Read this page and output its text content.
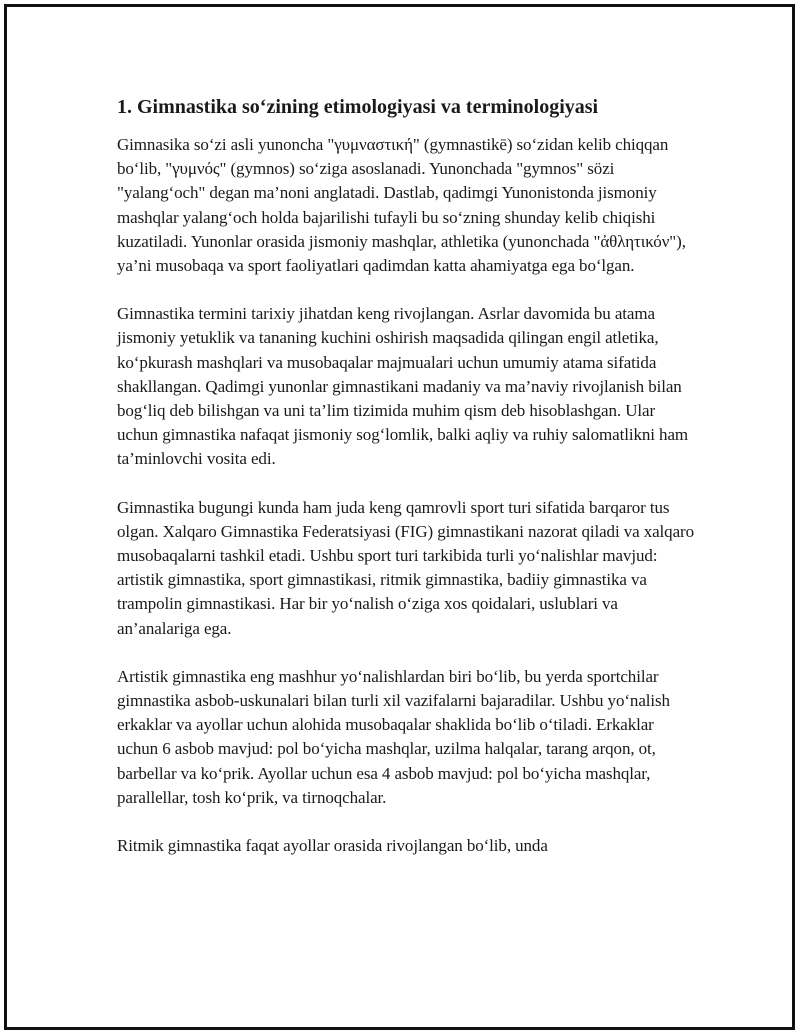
1. Gimnastika so‘zining etimologiyasi va terminologiyasi

Gimnasika so‘zi asli yunoncha "γυμναστική" (gymnastikē) so‘zidan kelib chiqqan bo‘lib, "γυμνός" (gymnos) so‘ziga asoslanadi. Yunonchada "gymnos" sözi "yalang‘och" degan ma’noni anglatadi. Dastlab, qadimgi Yunonistonda jismoniy mashqlar yalang‘och holda bajarilishi tufayli bu so‘zning shunday kelib chiqishi kuzatiladi. Yunonlar orasida jismoniy mashqlar, athletika (yunonchada "ἀθλητικόν"), ya’ni musobaqa va sport faoliyatlari qadimdan katta ahamiyatga ega bo‘lgan.

Gimnastika termini tarixiy jihatdan keng rivojlangan. Asrlar davomida bu atama jismoniy yetuklik va tananing kuchini oshirish maqsadida qilingan engil atletika, ko‘pkurash mashqlari va musobaqalar majmualari uchun umumiy atama sifatida shakllangan. Qadimgi yunonlar gimnastikani madaniy va ma’naviy rivojlanish bilan bog‘liq deb bilishgan va uni ta’lim tizimida muhim qism deb hisoblashgan. Ular uchun gimnastika nafaqat jismoniy sog‘lomlik, balki aqliy va ruhiy salomatlikni ham ta’minlovchi vosita edi.

Gimnastika bugungi kunda ham juda keng qamrovli sport turi sifatida barqaror tus olgan. Xalqaro Gimnastika Federatsiyasi (FIG) gimnastikani nazorat qiladi va xalqaro musobaqalarni tashkil etadi. Ushbu sport turi tarkibida turli yo‘nalishlar mavjud: artistik gimnastika, sport gimnastikasi, ritmik gimnastika, badiiy gimnastika va trampolin gimnastikasi. Har bir yo‘nalish o‘ziga xos qoidalari, uslublari va an’analariga ega.

Artistik gimnastika eng mashhur yo‘nalishlardan biri bo‘lib, bu yerda sportchilar gimnastika asbob-uskunalari bilan turli xil vazifalarni bajaradilar. Ushbu yo‘nalish erkaklar va ayollar uchun alohida musobaqalar shaklida bo‘lib o‘tiladi. Erkaklar uchun 6 asbob mavjud: pol bo‘yicha mashqlar, uzilma halqalar, tarang arqon, ot, barbellar va ko‘prik. Ayollar uchun esa 4 asbob mavjud: pol bo‘yicha mashqlar, parallellar, tosh ko‘prik, va tirnoqchalar.

Ritmik gimnastika faqat ayollar orasida rivojlangan bo‘lib, unda
